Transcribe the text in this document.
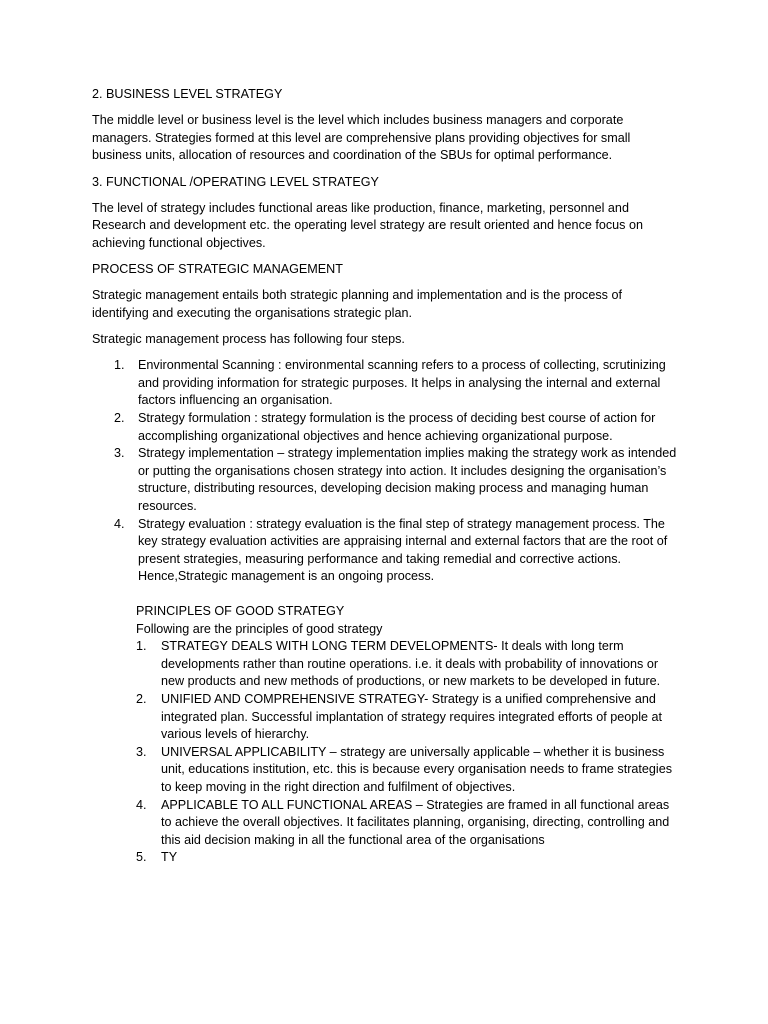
2. BUSINESS LEVEL STRATEGY

The middle level or business level is the level which includes business managers and corporate managers. Strategies formed at this level are comprehensive plans providing objectives for small business units, allocation of resources and coordination of the SBUs for optimal performance.

3. FUNCTIONAL /OPERATING LEVEL STRATEGY

The level of strategy includes functional areas like production, finance, marketing, personnel and Research and development etc. the operating level strategy are result oriented and hence focus on achieving functional objectives.

PROCESS OF STRATEGIC MANAGEMENT

Strategic management entails both strategic planning and implementation and is the process of identifying and executing the organisations strategic plan.

Strategic management process has following four steps.

1. Environmental Scanning : environmental scanning refers to a process of collecting, scrutinizing and providing information for strategic purposes. It helps in analysing the internal and external factors influencing an organisation.
2. Strategy formulation : strategy formulation is the process of deciding best course of action for accomplishing organizational objectives and hence achieving organizational purpose.
3. Strategy implementation – strategy implementation implies making the strategy work as intended or putting the organisations chosen strategy into action. It includes designing the organisation’s structure, distributing resources, developing decision making process and managing human resources.
4. Strategy evaluation : strategy evaluation is the final step of strategy management process. The key strategy evaluation activities are appraising internal and external factors that are the root of present strategies, measuring performance and taking remedial and corrective actions.
Hence,Strategic management is an ongoing process.
PRINCIPLES OF GOOD STRATEGY
Following are the principles of good strategy
1. STRATEGY DEALS WITH LONG TERM DEVELOPMENTS- It deals with long term developments rather than routine operations. i.e. it deals with probability of innovations or new products and new methods of productions, or new markets to be developed in future.
2. UNIFIED AND COMPREHENSIVE STRATEGY- Strategy is a unified comprehensive and integrated plan. Successful implantation of strategy requires integrated efforts of people at various levels of hierarchy.
3. UNIVERSAL APPLICABILITY – strategy are universally applicable – whether it is business unit, educations institution, etc. this is because every organisation needs to frame strategies to keep moving in the right direction and fulfilment of objectives.
4. APPLICABLE TO ALL FUNCTIONAL AREAS – Strategies are framed in all functional areas to achieve the overall objectives. It facilitates planning, organising, directing, controlling and this aid decision making in all the functional area of the organisations
5. TY
